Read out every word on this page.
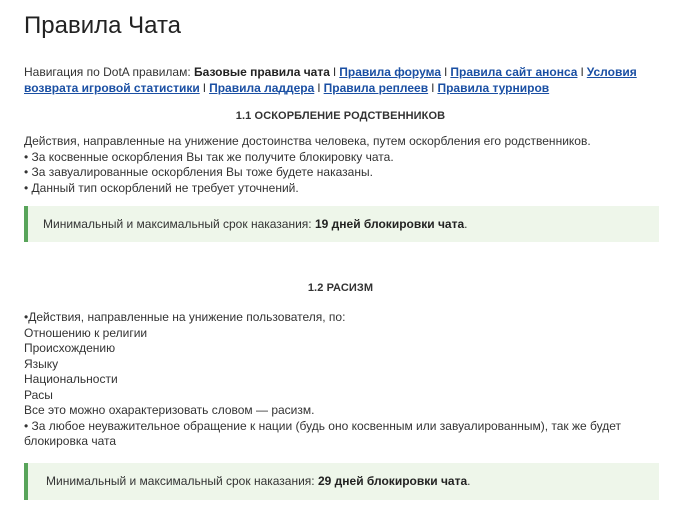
Правила Чата
Навигация по DotA правилам: Базовые правила чата I Правила форума I Правила сайт анонса I Условия возврата игровой статистики I Правила ладдера I Правила реплеев I Правила турниров
1.1 ОСКОРБЛЕНИЕ РОДСТВЕННИКОВ
Действия, направленные на унижение достоинства человека, путем оскорбления его родственников.
• За косвенные оскорбления Вы так же получите блокировку чата.
• За завуалированные оскорбления Вы тоже будете наказаны.
• Данный тип оскорблений не требует уточнений.
Минимальный и максимальный срок наказания: 19 дней блокировки чата.
1.2 РАСИЗМ
•Действия, направленные на унижение пользователя, по:
Отношению к религии
Происхождению
Языку
Национальности
Расы
Все это можно охарактеризовать словом — расизм.
• За любое неуважительное обращение к нации (будь оно косвенным или завуалированным), так же будет блокировка чата
Минимальный и максимальный срок наказания: 29 дней блокировки чата.
